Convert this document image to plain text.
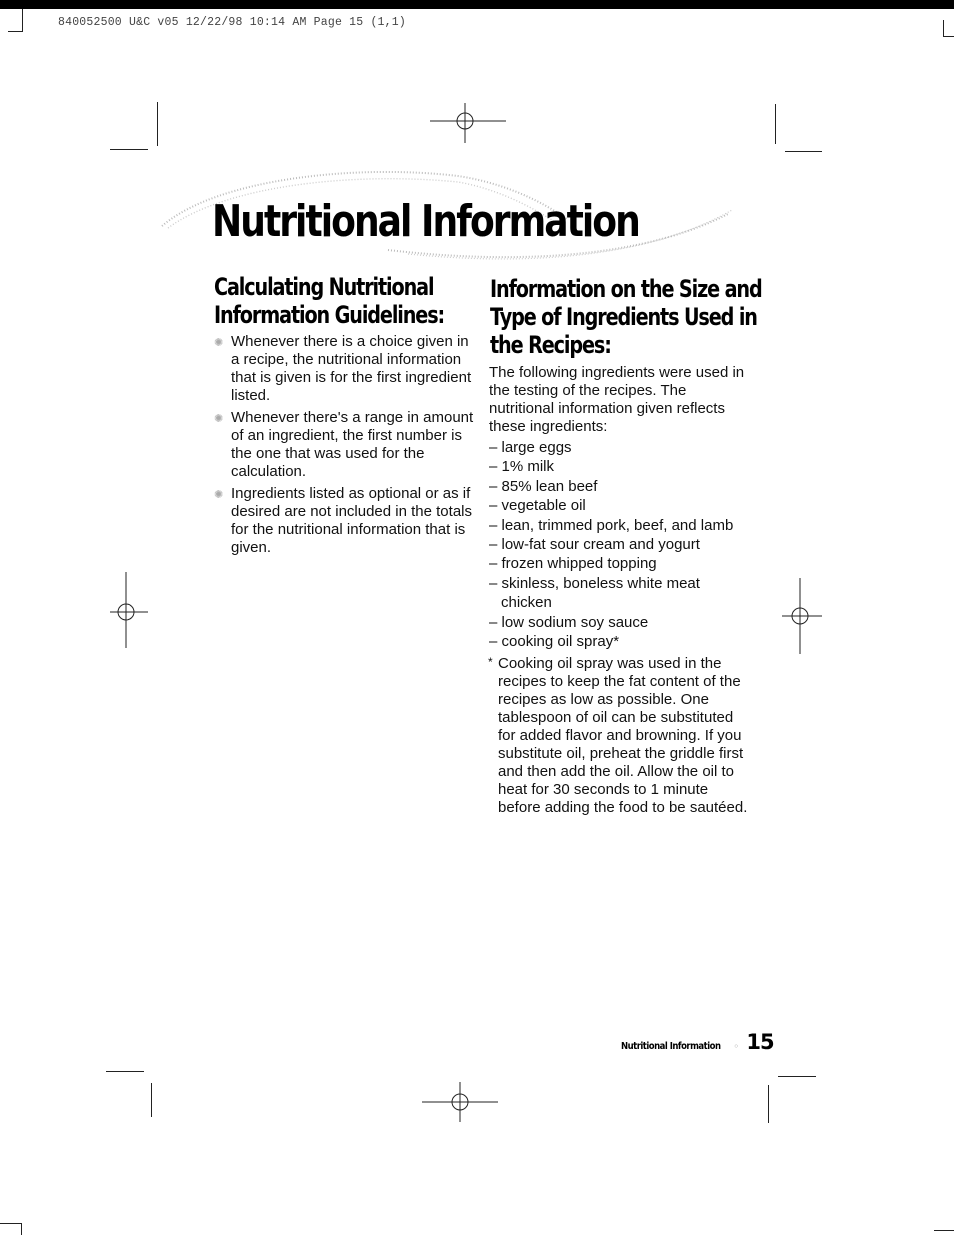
840052500 U&C v05 12/22/98 10:14 AM Page 15 (1,1)
Nutritional Information
Calculating Nutritional
Information Guidelines:
✺ Whenever there is a choice given in a recipe, the nutritional information that is given is for the first ingredient listed.
✺ Whenever there's a range in amount of an ingredient, the first number is the one that was used for the calculation.
✺ Ingredients listed as optional or as if desired are not included in the totals for the nutritional information that is given.
Information on the Size and
Type of Ingredients Used in
the Recipes:
The following ingredients were used in the testing of the recipes. The nutritional information given reflects these ingredients:
– large eggs
– 1% milk
– 85% lean beef
– vegetable oil
– lean, trimmed pork, beef, and lamb
– low-fat sour cream and yogurt
– frozen whipped topping
– skinless, boneless white meat chicken
– low sodium soy sauce
– cooking oil spray*
* Cooking oil spray was used in the recipes to keep the fat content of the recipes as low as possible. One tablespoon of oil can be substituted for added flavor and browning. If you substitute oil, preheat the griddle first and then add the oil. Allow the oil to heat for 30 seconds to 1 minute before adding the food to be sautéed.
Nutritional Information ◦ 15
